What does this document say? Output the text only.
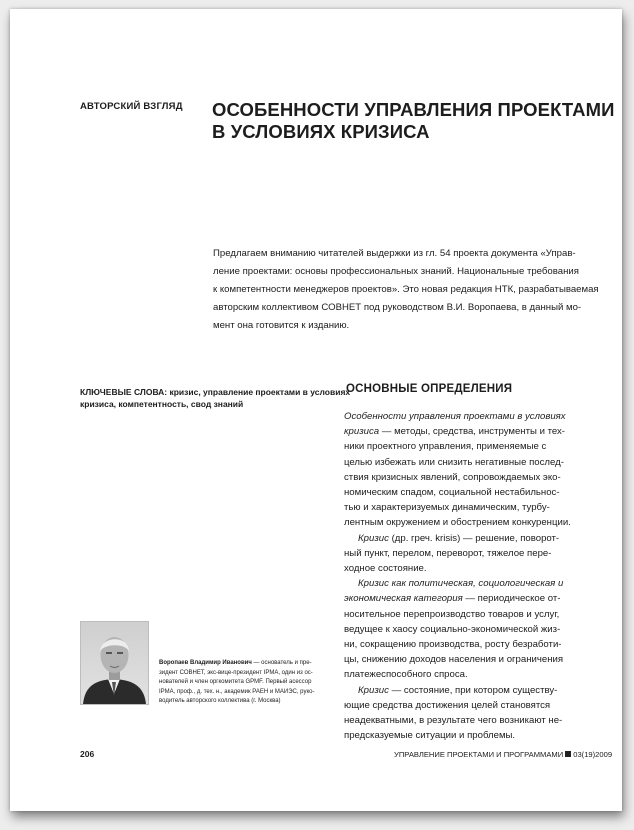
АВТОРСКИЙ ВЗГЛЯД ОСОБЕННОСТИ УПРАВЛЕНИЯ ПРОЕКТАМИ
В УСЛОВИЯХ КРИЗИСА
Предлагаем вниманию читателей выдержки из гл. 54 проекта документа «Управ-
ление проектами: основы профессиональных знаний. Национальные требования
к компетентности менеджеров проектов». Это новая редакция НТК, разрабатываемая
авторским коллективом СОВНЕТ под руководством В.И. Воропаева, в данный мо-
мент она готовится к изданию.
КЛЮЧЕВЫЕ СЛОВА: кризис, управление проектами в условиях
кризиса, компетентность, свод знаний
ОСНОВНЫЕ ОПРЕДЕЛЕНИЯ
Особенности управления проектами в условиях
кризиса — методы, средства, инструменты и тех-
ники проектного управления, применяемые с
целью избежать или снизить негативные послед-
ствия кризисных явлений, сопровождаемых эко-
номическим спадом, социальной нестабильнос-
тью и характеризуемых динамическим, турбу-
лентным окружением и обострением конкуренции.
Кризис (др. греч. krisis) — решение, поворот-
ный пункт, перелом, переворот, тяжелое пере-
ходное состояние.
Кризис как политическая, социологическая и
экономическая категория — периодическое от-
носительное перепроизводство товаров и услуг,
ведущее к хаосу социально-экономической жиз-
ни, сокращению производства, росту безработи-
цы, снижению доходов населения и ограничения
платежеспособного спроса.
Кризис — состояние, при котором существу-
ющие средства достижения целей становятся
неадекватными, в результате чего возникают не-
предсказуемые ситуации и проблемы.
Воропаев Владимир Иванович — основатель и пре-
зидент СОВНЕТ, экс-вице-президент IPMA, один из ос-
нователей и член оргкомитета GPMF. Первый асессор
IPMA, проф., д. тех. н., академик РАЕН и МАИЭС, руко-
водитель авторского коллектива (г. Москва)
206	УПРАВЛЕНИЕ ПРОЕКТАМИ И ПРОГРАММАМИ 03(19)2009
